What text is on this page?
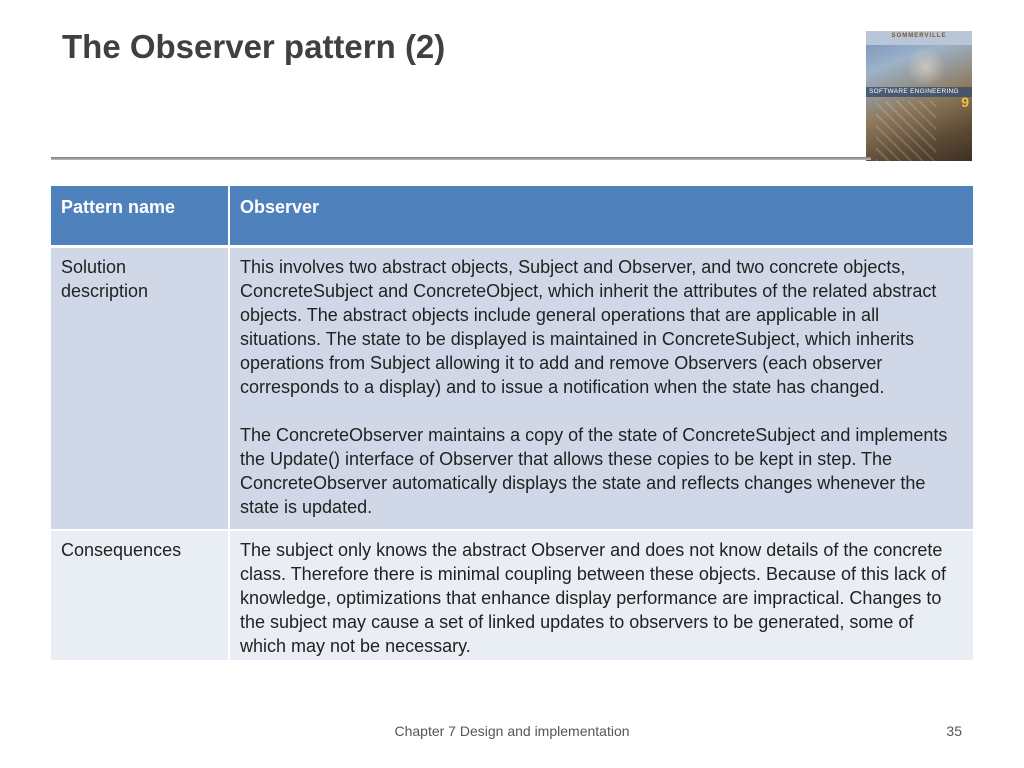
The Observer pattern (2)	SOMMERVILLE
SOFTWARE ENGINEERING
9
Pattern name	Observer
Solution description	This involves two abstract objects, Subject and Observer, and two concrete objects, ConcreteSubject and ConcreteObject, which inherit the attributes of the related abstract objects. The abstract objects include general operations that are applicable in all situations. The state to be displayed is maintained in ConcreteSubject, which inherits operations from Subject allowing it to add and remove Observers (each observer corresponds to a display) and to issue a notification when the state has changed.

The ConcreteObserver maintains a copy of the state of ConcreteSubject and implements the Update() interface of Observer that allows these copies to be kept in step. The ConcreteObserver automatically displays the state and reflects changes whenever the state is updated.

Consequences	The subject only knows the abstract Observer and does not know details of the concrete class. Therefore there is minimal coupling between these objects. Because of this lack of knowledge, optimizations that enhance display performance are impractical. Changes to the subject may cause a set of linked updates to observers to be generated, some of which may not be necessary.

Chapter 7 Design and implementation	35
